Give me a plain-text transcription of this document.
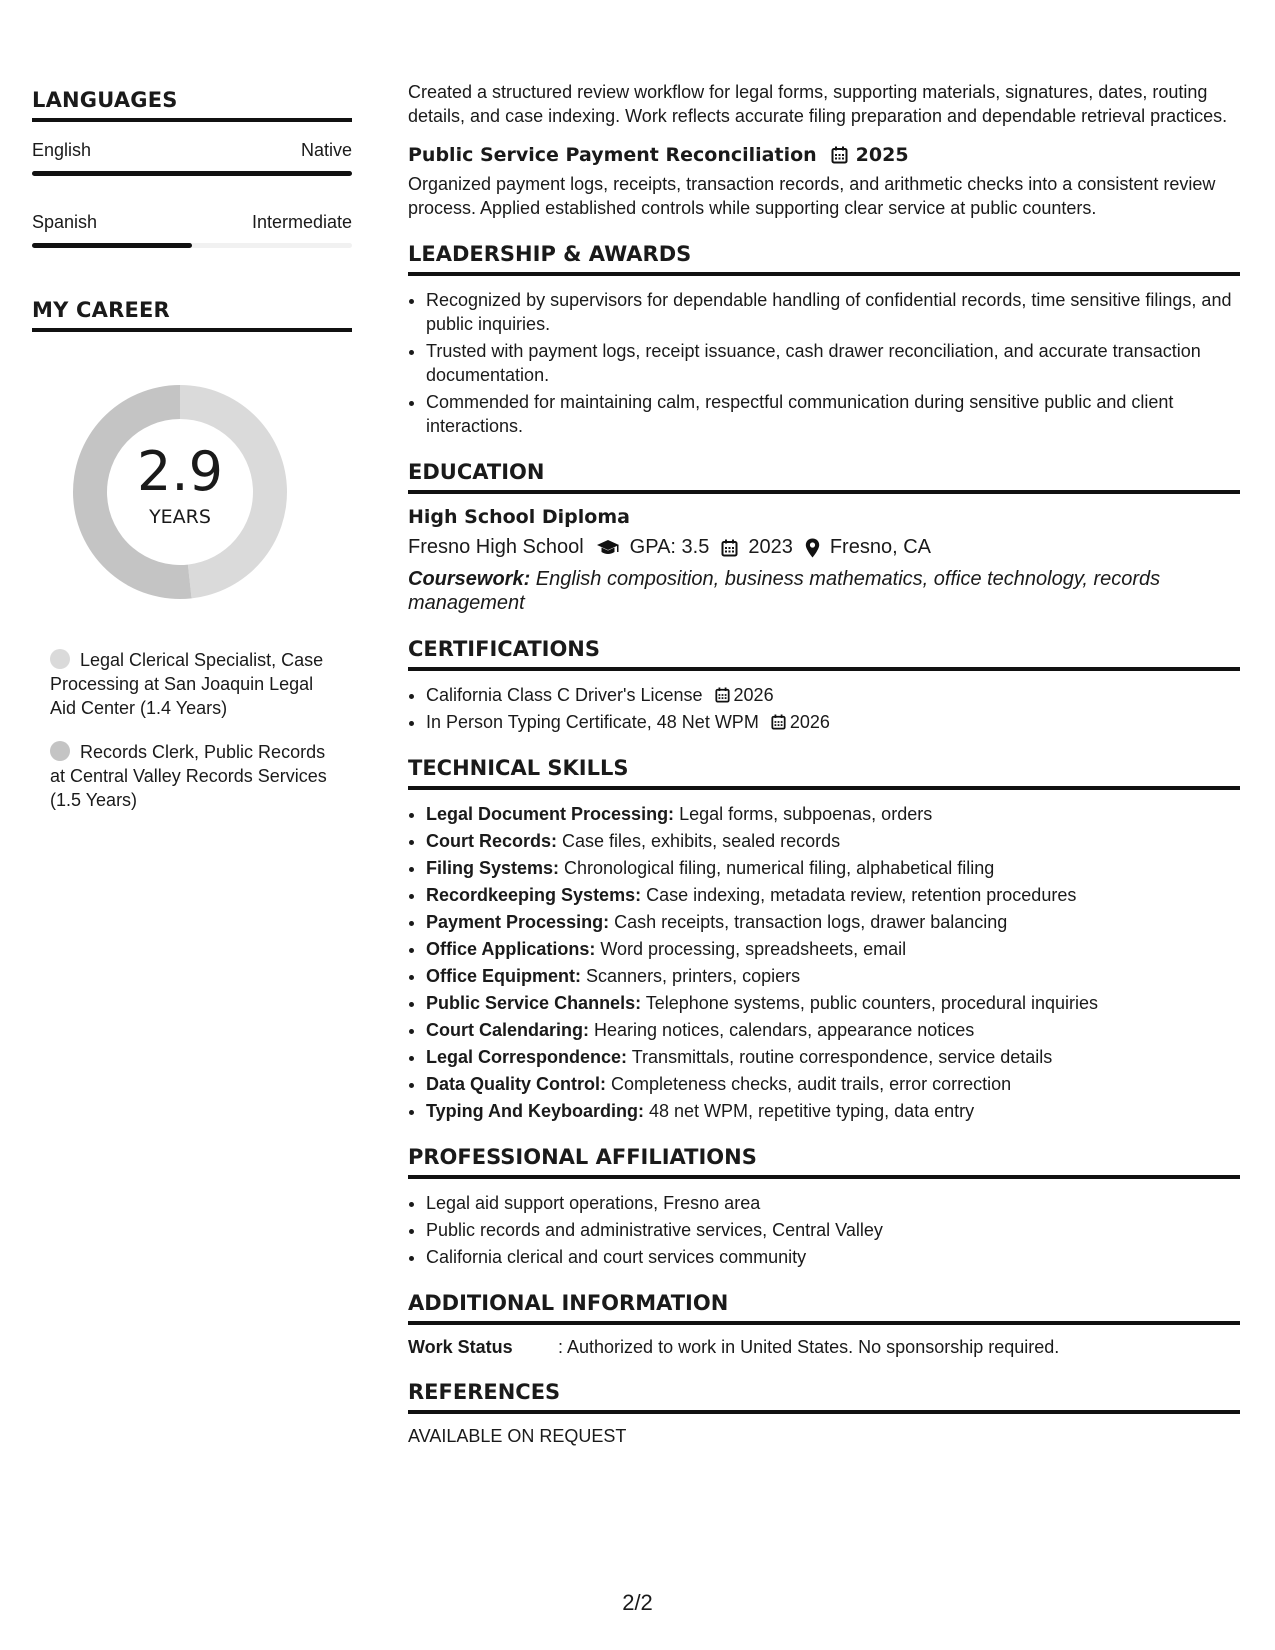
LANGUAGES
English	Native
Spanish	Intermediate
MY CAREER
2.9
YEARS
Legal Clerical Specialist, Case Processing at San Joaquin Legal Aid Center (1.4 Years)
Records Clerk, Public Records at Central Valley Records Services (1.5 Years)

Created a structured review workflow for legal forms, supporting materials, signatures, dates, routing details, and case indexing. Work reflects accurate filing preparation and dependable retrieval practices.

Public Service Payment Reconciliation 2025

Organized payment logs, receipts, transaction records, and arithmetic checks into a consistent review process. Applied established controls while supporting clear service at public counters.

LEADERSHIP & AWARDS
• Recognized by supervisors for dependable handling of confidential records, time sensitive filings, and public inquiries.
• Trusted with payment logs, receipt issuance, cash drawer reconciliation, and accurate transaction documentation.
• Commended for maintaining calm, respectful communication during sensitive public and client interactions.
EDUCATION
High School Diploma
Fresno High School GPA: 3.5 2023 Fresno, CA
Coursework: English composition, business mathematics, office technology, records management
CERTIFICATIONS
• California Class C Driver's License 2026
• In Person Typing Certificate, 48 Net WPM 2026
TECHNICAL SKILLS
• Legal Document Processing: Legal forms, subpoenas, orders
• Court Records: Case files, exhibits, sealed records
• Filing Systems: Chronological filing, numerical filing, alphabetical filing
• Recordkeeping Systems: Case indexing, metadata review, retention procedures
• Payment Processing: Cash receipts, transaction logs, drawer balancing
• Office Applications: Word processing, spreadsheets, email
• Office Equipment: Scanners, printers, copiers
• Public Service Channels: Telephone systems, public counters, procedural inquiries
• Court Calendaring: Hearing notices, calendars, appearance notices
• Legal Correspondence: Transmittals, routine correspondence, service details
• Data Quality Control: Completeness checks, audit trails, error correction
• Typing And Keyboarding: 48 net WPM, repetitive typing, data entry
PROFESSIONAL AFFILIATIONS
• Legal aid support operations, Fresno area
• Public records and administrative services, Central Valley
• California clerical and court services community
ADDITIONAL INFORMATION
Work Status	: Authorized to work in United States. No sponsorship required.
REFERENCES
AVAILABLE ON REQUEST
2/2
